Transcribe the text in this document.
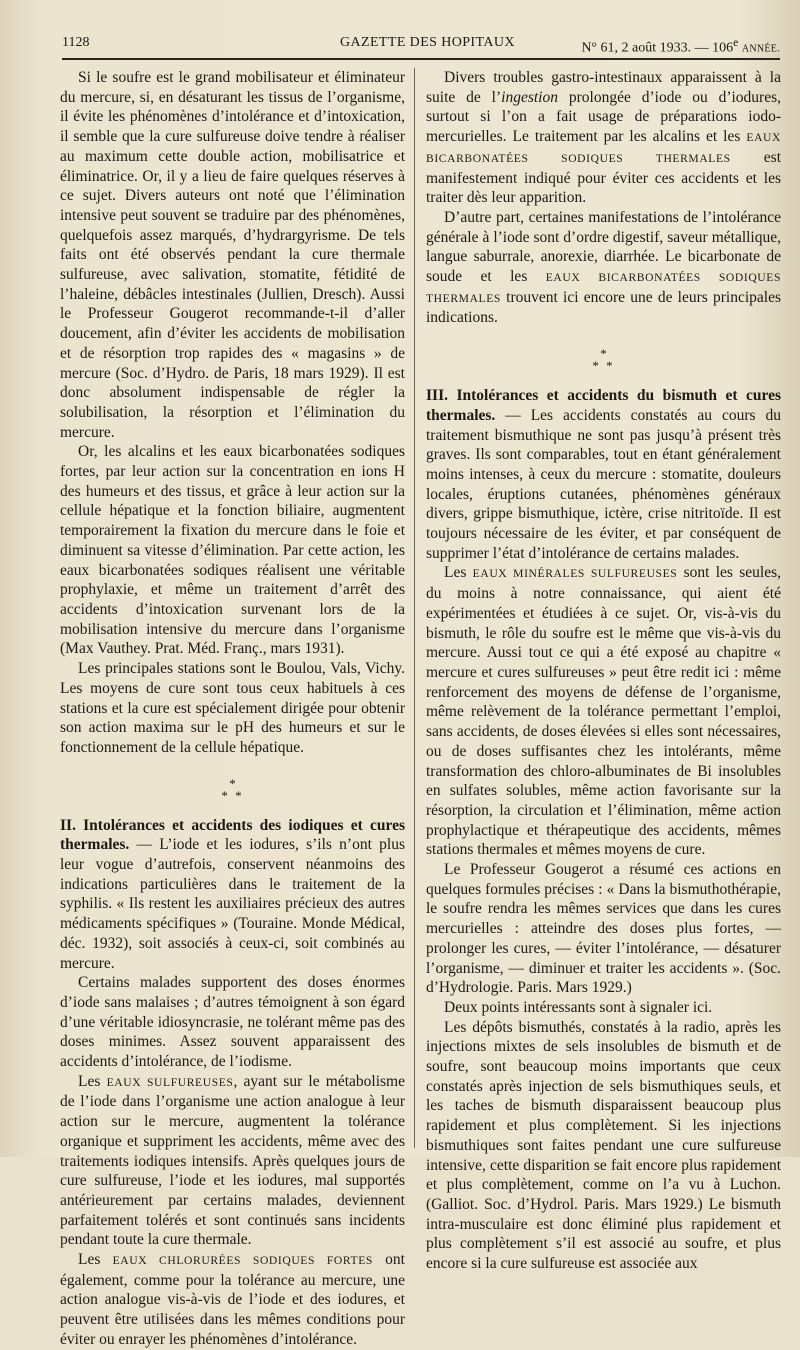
1128	GAZETTE DES HOPITAUX	N° 61, 2 août 1933. — 106e ANNÉE.

Si le soufre est le grand mobilisateur et éliminateur du mercure, si, en désaturant les tissus de l’organisme, il évite les phénomènes d’intolérance et d’intoxication, il semble que la cure sulfureuse doive tendre à réaliser au maximum cette double action, mobilisatrice et éliminatrice. Or, il y a lieu de faire quelques réserves à ce sujet. Divers auteurs ont noté que l’élimination intensive peut souvent se traduire par des phénomènes, quelquefois assez marqués, d’hydrargyrisme. De tels faits ont été observés pendant la cure thermale sulfureuse, avec salivation, stomatite, fétidité de l’haleine, débâcles intestinales (Jullien, Dresch). Aussi le Professeur Gougerot recommande-t-il d’aller doucement, afin d’éviter les accidents de mobilisation et de résorption trop rapides des « magasins » de mercure (Soc. d’Hydro. de Paris, 18 mars 1929). Il est donc absolument indispensable de régler la solubilisation, la résorption et l’élimination du mercure.

Or, les alcalins et les eaux bicarbonatées sodiques fortes, par leur action sur la concentration en ions H des humeurs et des tissus, et grâce à leur action sur la cellule hépatique et la fonction biliaire, augmentent temporairement la fixation du mercure dans le foie et diminuent sa vitesse d’élimination. Par cette action, les eaux bicarbonatées sodiques réalisent une véritable prophylaxie, et même un traitement d’arrêt des accidents d’intoxication survenant lors de la mobilisation intensive du mercure dans l’organisme (Max Vauthey. Prat. Méd. Franç., mars 1931).

Les principales stations sont le Boulou, Vals, Vichy. Les moyens de cure sont tous ceux habituels à ces stations et la cure est spécialement dirigée pour obtenir son action maxima sur le pH des humeurs et sur le fonctionnement de la cellule hépatique.

*
* *

II. Intolérances et accidents des iodiques et cures thermales. — L’iode et les iodures, s’ils n’ont plus leur vogue d’autrefois, conservent néanmoins des indications particulières dans le traitement de la syphilis. « Ils restent les auxiliaires précieux des autres médicaments spécifiques » (Touraine. Monde Médical, déc. 1932), soit associés à ceux-ci, soit combinés au mercure.

Certains malades supportent des doses énormes d’iode sans malaises ; d’autres témoignent à son égard d’une véritable idiosyncrasie, ne tolérant même pas des doses minimes. Assez souvent apparaissent des accidents d’intolérance, de l’iodisme.

Les EAUX SULFUREUSES, ayant sur le métabolisme de l’iode dans l’organisme une action analogue à leur action sur le mercure, augmentent la tolérance organique et suppriment les accidents, même avec des traitements iodiques intensifs. Après quelques jours de cure sulfureuse, l’iode et les iodures, mal supportés antérieurement par certains malades, deviennent parfaitement tolérés et sont continués sans incidents pendant toute la cure thermale.

Les EAUX CHLORURÉES SODIQUES FORTES ont également, comme pour la tolérance au mercure, une action analogue vis-à-vis de l’iode et des iodures, et peuvent être utilisées dans les mêmes conditions pour éviter ou enrayer les phénomènes d’intolérance.

Divers troubles gastro-intestinaux apparaissent à la suite de l’ingestion prolongée d’iode ou d’iodures, surtout si l’on a fait usage de préparations iodo-mercurielles. Le traitement par les alcalins et les EAUX BICARBONATÉES SODIQUES THERMALES est manifestement indiqué pour éviter ces accidents et les traiter dès leur apparition.

D’autre part, certaines manifestations de l’intolérance générale à l’iode sont d’ordre digestif, saveur métallique, langue saburrale, anorexie, diarrhée. Le bicarbonate de soude et les EAUX BICARBONATÉES SODIQUES THERMALES trouvent ici encore une de leurs principales indications.

*
* *

III. Intolérances et accidents du bismuth et cures thermales. — Les accidents constatés au cours du traitement bismuthique ne sont pas jusqu’à présent très graves. Ils sont comparables, tout en étant généralement moins intenses, à ceux du mercure : stomatite, douleurs locales, éruptions cutanées, phénomènes généraux divers, grippe bismuthique, ictère, crise nitritoïde. Il est toujours nécessaire de les éviter, et par conséquent de supprimer l’état d’intolérance de certains malades.

Les EAUX MINÉRALES SULFUREUSES sont les seules, du moins à notre connaissance, qui aient été expérimentées et étudiées à ce sujet. Or, vis-à-vis du bismuth, le rôle du soufre est le même que vis-à-vis du mercure. Aussi tout ce qui a été exposé au chapitre « mercure et cures sulfureuses » peut être redit ici : même renforcement des moyens de défense de l’organisme, même relèvement de la tolérance permettant l’emploi, sans accidents, de doses élevées si elles sont nécessaires, ou de doses suffisantes chez les intolérants, même transformation des chloro-albuminates de Bi insolubles en sulfates solubles, même action favorisante sur la résorption, la circulation et l’élimination, même action prophylactique et thérapeutique des accidents, mêmes stations thermales et mêmes moyens de cure.

Le Professeur Gougerot a résumé ces actions en quelques formules précises : « Dans la bismuthothérapie, le soufre rendra les mêmes services que dans les cures mercurielles : atteindre des doses plus fortes, — prolonger les cures, — éviter l’intolérance, — désaturer l’organisme, — diminuer et traiter les accidents ». (Soc. d’Hydrologie. Paris. Mars 1929.)

Deux points intéressants sont à signaler ici.

Les dépôts bismuthés, constatés à la radio, après les injections mixtes de sels insolubles de bismuth et de soufre, sont beaucoup moins importants que ceux constatés après injection de sels bismuthiques seuls, et les taches de bismuth disparaissent beaucoup plus rapidement et plus complètement. Si les injections bismuthiques sont faites pendant une cure sulfureuse intensive, cette disparition se fait encore plus rapidement et plus complètement, comme on l’a vu à Luchon. (Galliot. Soc. d’Hydrol. Paris. Mars 1929.) Le bismuth intra-musculaire est donc éliminé plus rapidement et plus complètement s’il est associé au soufre, et plus encore si la cure sulfureuse est associée aux
